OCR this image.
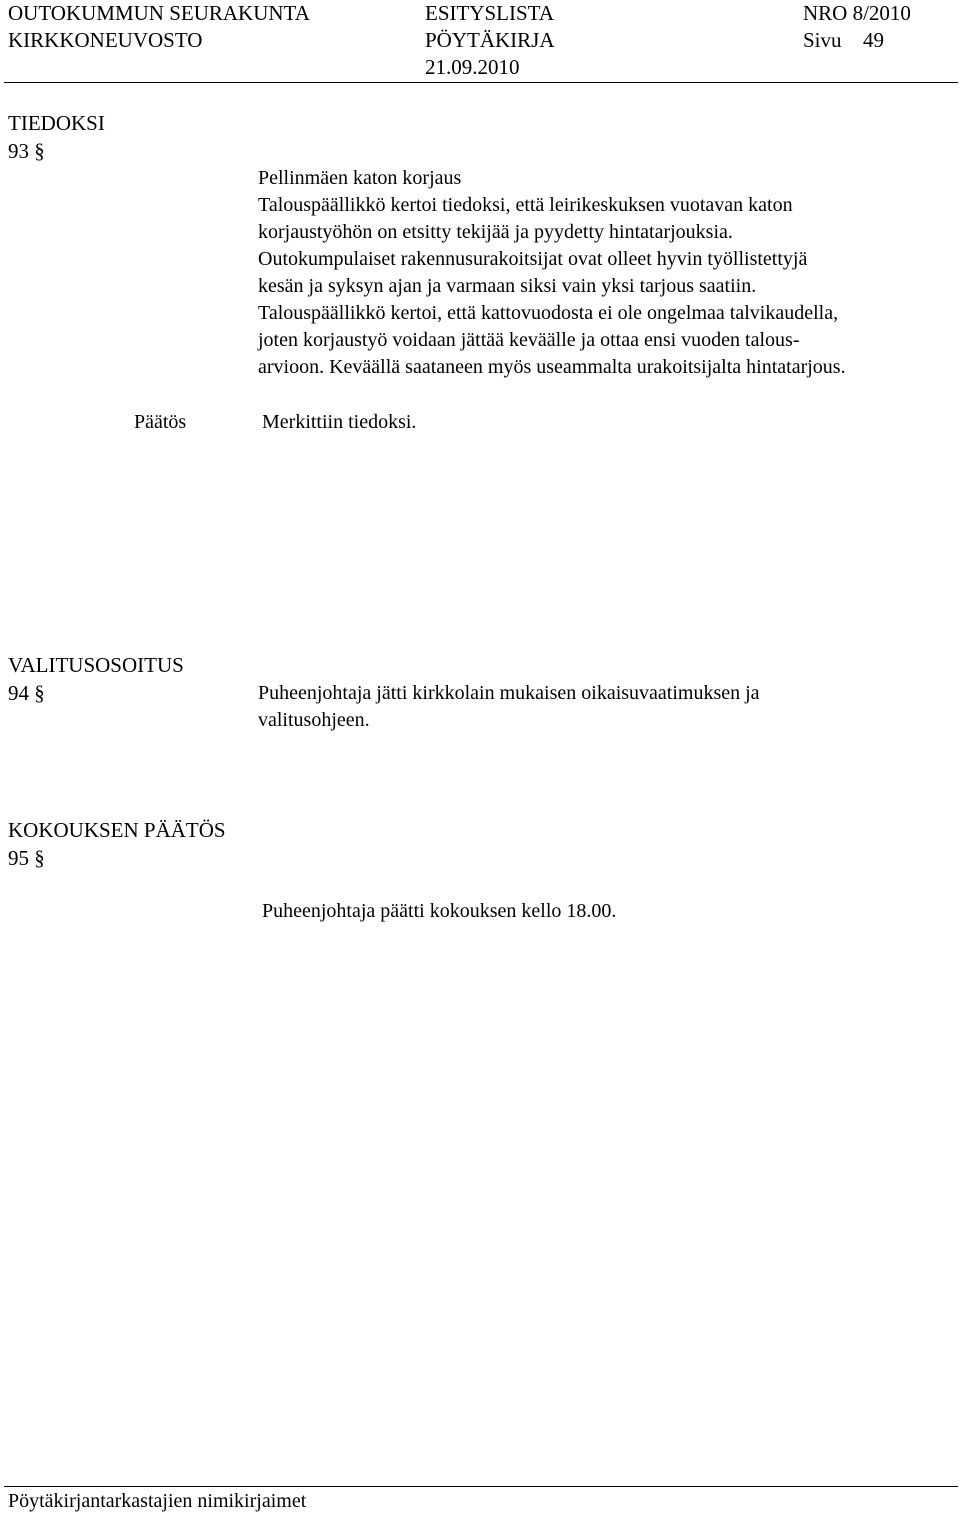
OUTOKUMMUN SEURAKUNTA
KIRKKONEUVOSTO
ESITYSLISTA
PÖYTÄKIRJA
21.09.2010
NRO 8/2010
Sivu 49
TIEDOKSI
93 §
Pellinmäen katon korjaus
Talouspäällikkö kertoi tiedoksi, että leirikeskuksen vuotavan katon
korjaustyöhön on etsitty tekijää ja pyydetty hintatarjouksia.
Outokumpulaiset rakennusurakoitsijat ovat olleet hyvin työllistettyjä
kesän ja syksyn ajan ja varmaan siksi vain yksi tarjous saatiin.
Talouspäällikkö kertoi, että kattovuodosta ei ole ongelmaa talvikaudella,
joten korjaustyö voidaan jättää keväälle ja ottaa ensi vuoden talous-
arvioon. Keväällä saataneen myös useammalta urakoitsijalta hintatarjous.
Päätös	Merkittiin tiedoksi.
VALITUSOSOITUS
94 §	Puheenjohtaja jätti kirkkolain mukaisen oikaisuvaatimuksen ja
valitusohjeen.
KOKOUKSEN PÄÄTÖS
95 §
Puheenjohtaja päätti kokouksen kello 18.00.
Pöytäkirjantarkastajien nimikirjaimet
